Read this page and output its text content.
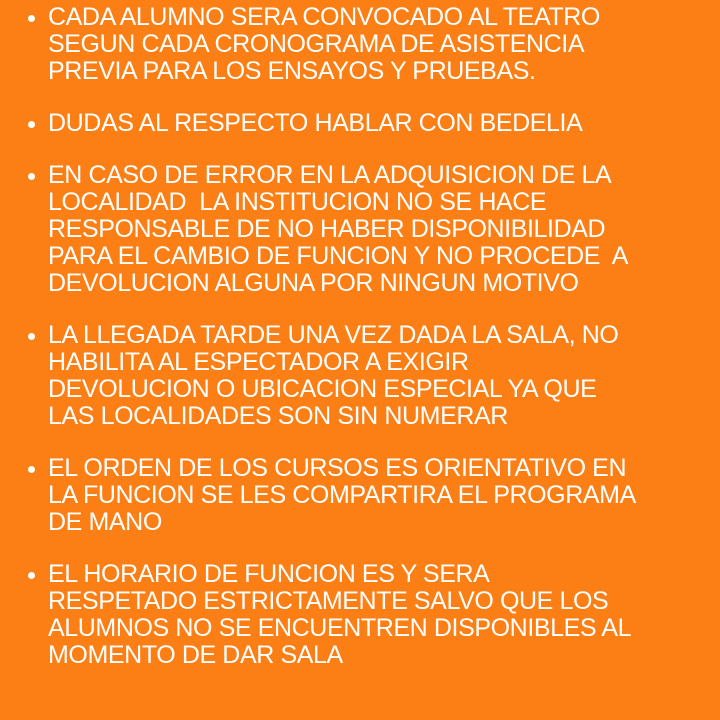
CADA ALUMNO SERA CONVOCADO AL TEATRO
SEGUN CADA CRONOGRAMA DE ASISTENCIA
PREVIA PARA LOS ENSAYOS Y PRUEBAS.
DUDAS AL RESPECTO HABLAR CON BEDELIA
EN CASO DE ERROR EN LA ADQUISICION DE LA
LOCALIDAD  LA INSTITUCION NO SE HACE
RESPONSABLE DE NO HABER DISPONIBILIDAD
PARA EL CAMBIO DE FUNCION Y NO PROCEDE  A
DEVOLUCION ALGUNA POR NINGUN MOTIVO
LA LLEGADA TARDE UNA VEZ DADA LA SALA, NO
HABILITA AL ESPECTADOR A EXIGIR
DEVOLUCION O UBICACION ESPECIAL YA QUE
LAS LOCALIDADES SON SIN NUMERAR
EL ORDEN DE LOS CURSOS ES ORIENTATIVO EN
LA FUNCION SE LES COMPARTIRA EL PROGRAMA
DE MANO
EL HORARIO DE FUNCION ES Y SERA
RESPETADO ESTRICTAMENTE SALVO QUE LOS
ALUMNOS NO SE ENCUENTREN DISPONIBLES AL
MOMENTO DE DAR SALA
